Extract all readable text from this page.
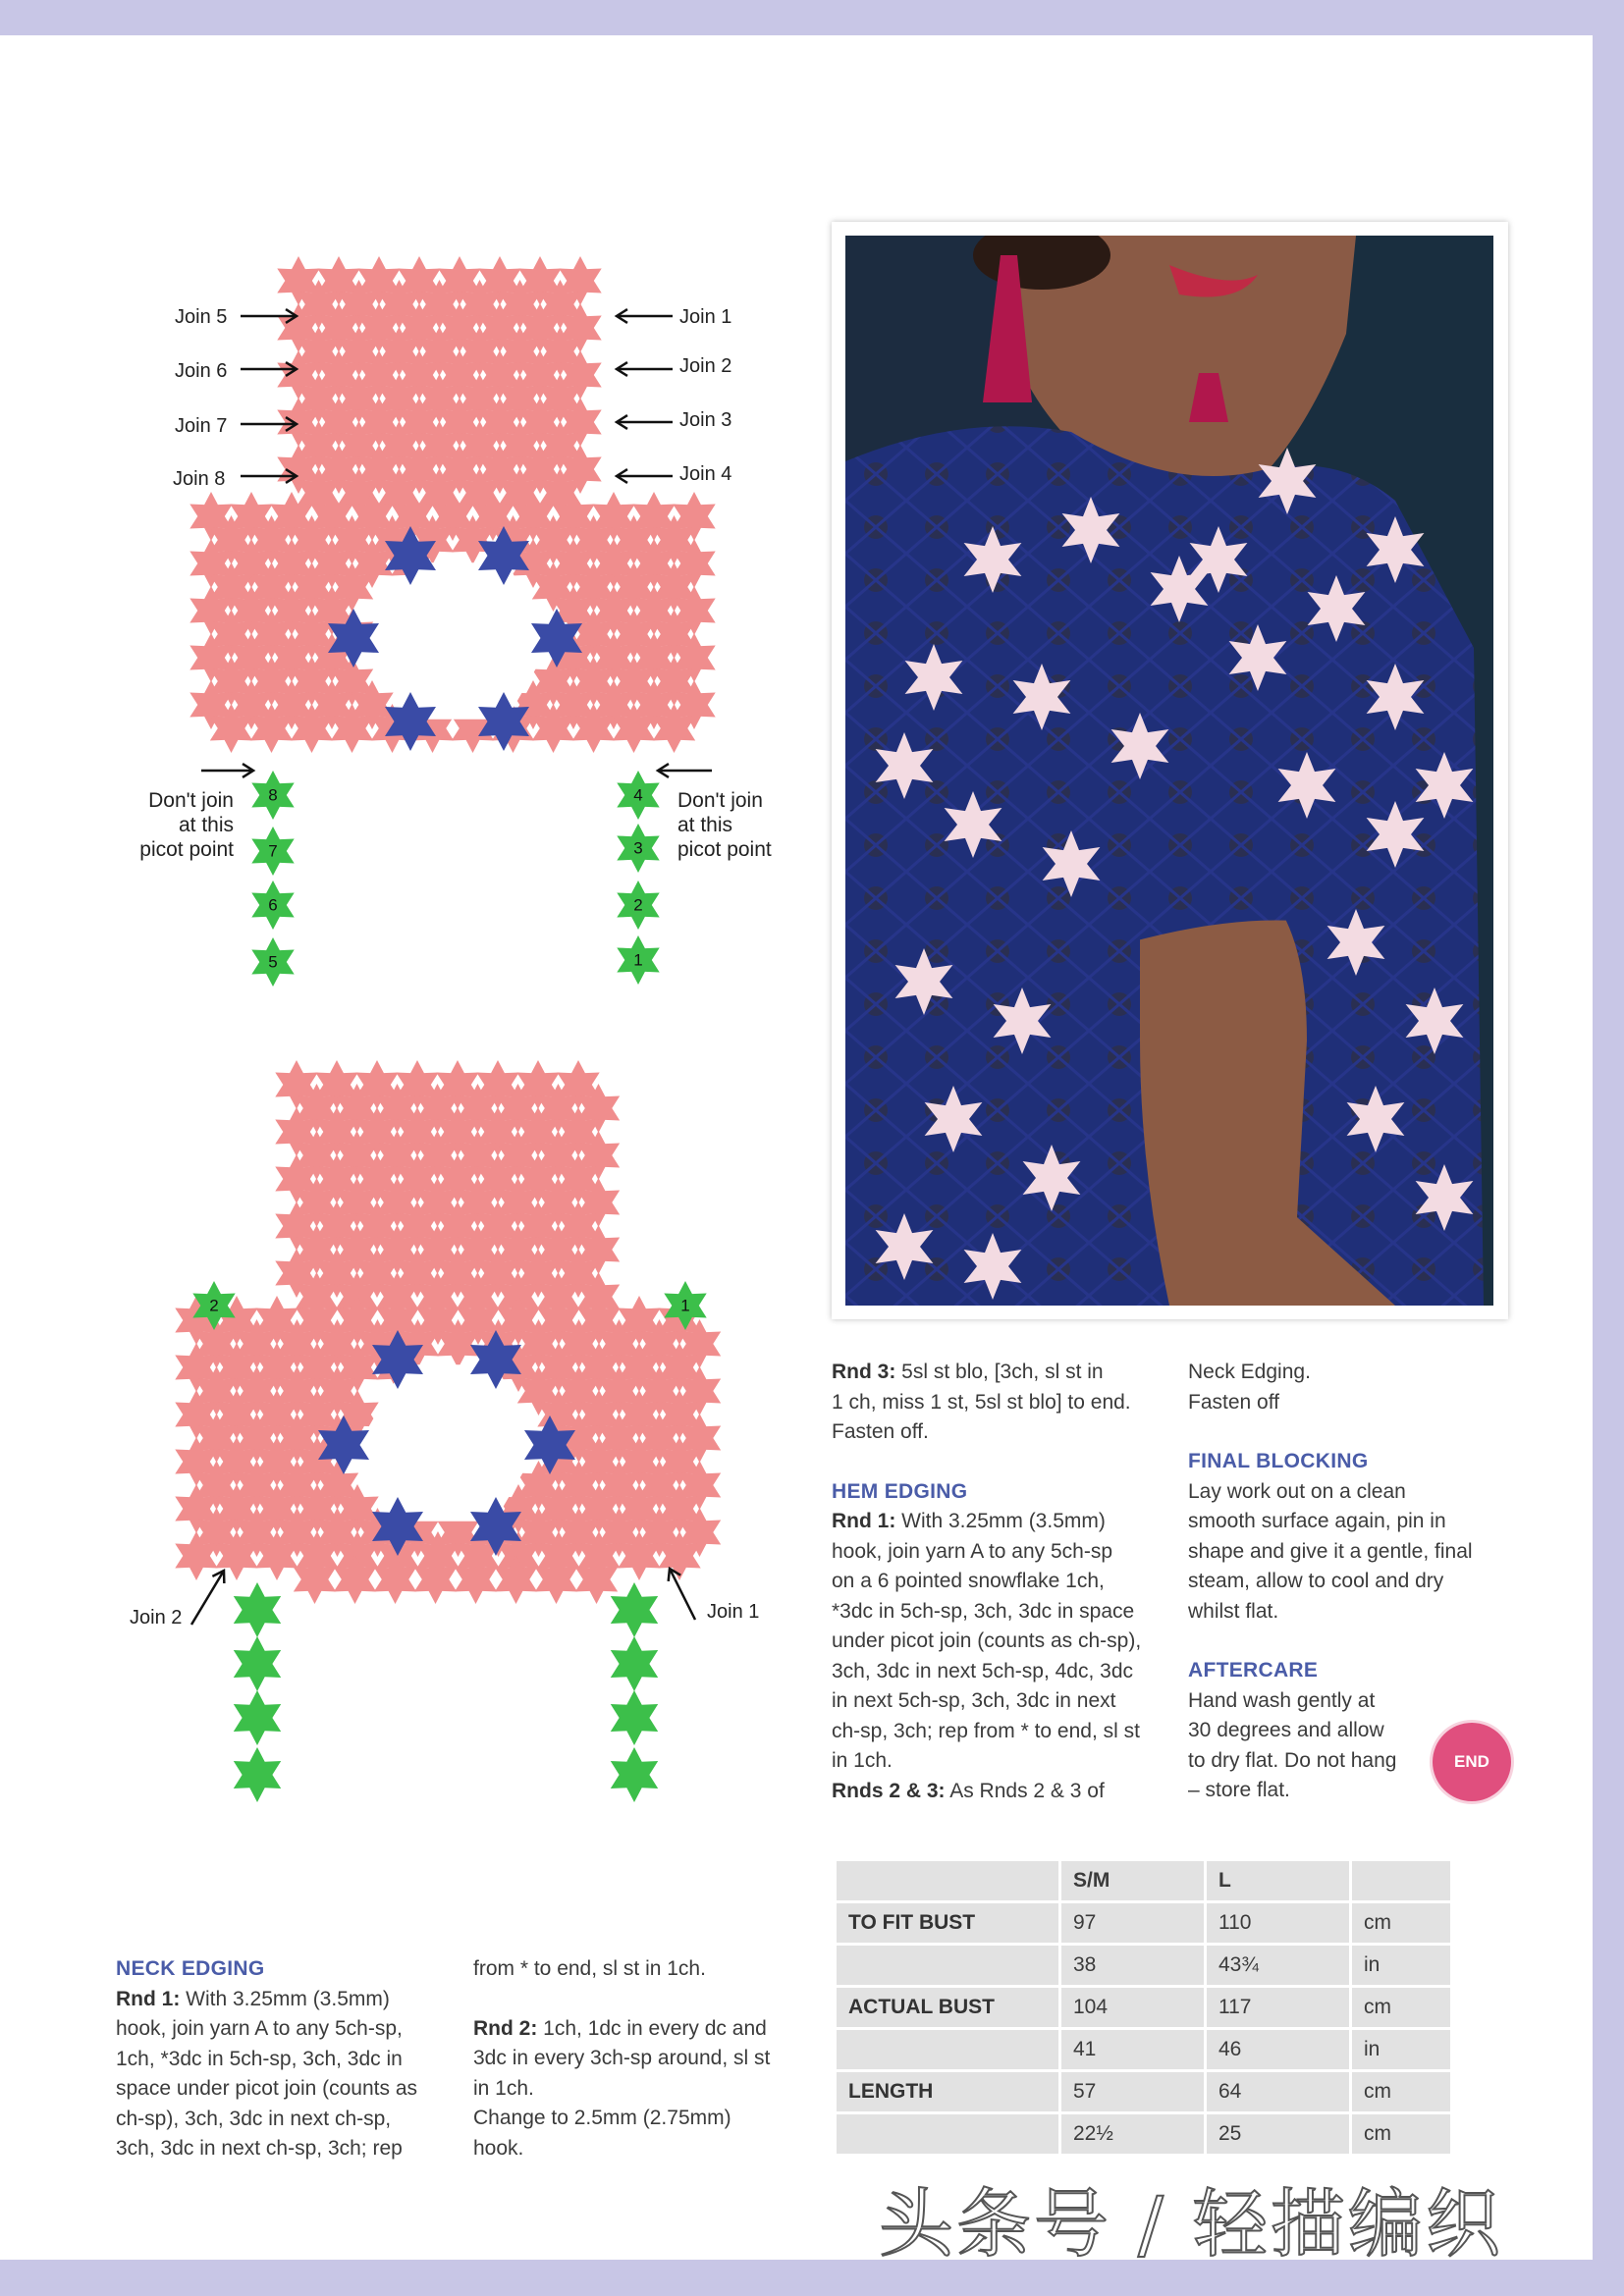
8
7
6
5
4
3
2
1
Join 5
Join 6
Join 7
Join 8
Join 1
Join 2
Join 3
Join 4
Don't join
at this
picot point
Don't join
at this
picot point
2	1
Join 2	Join 1

Rnd 3: 5sl st blo, [3ch, sl st in

1 ch, miss 1 st, 5sl st blo] to end.

Fasten off.

HEM EDGING

Rnd 1: With 3.25mm (3.5mm)

hook, join yarn A to any 5ch-sp

on a 6 pointed snowflake 1ch,

*3dc in 5ch-sp, 3ch, 3dc in space

under picot join (counts as ch-sp),

3ch, 3dc in next 5ch-sp, 4dc, 3dc

in next 5ch-sp, 3ch, 3dc in next

ch-sp, 3ch; rep from * to end, sl st

in 1ch.

Rnds 2 & 3: As Rnds 2 & 3 of

Neck Edging.

Fasten off

FINAL BLOCKING

Lay work out on a clean

smooth surface again, pin in

shape and give it a gentle, final

steam, allow to cool and dry

whilst flat.

AFTERCARE

Hand wash gently at

30 degrees and allow

to dry flat. Do not hang

– store flat.

END

NECK EDGING

Rnd 1: With 3.25mm (3.5mm)

hook, join yarn A to any 5ch-sp,

1ch, *3dc in 5ch-sp, 3ch, 3dc in

space under picot join (counts as

ch-sp), 3ch, 3dc in next ch-sp,

3ch, 3dc in next ch-sp, 3ch; rep

from * to end, sl st in 1ch.

Rnd 2: 1ch, 1dc in every dc and

3dc in every 3ch-sp around, sl st

in 1ch.

Change to 2.5mm (2.75mm)

hook.

	S/M	L	
TO FIT BUST	97	110	cm
	38	43¾	in
ACTUAL BUST	104	117	cm
	41	46	in
LENGTH	57	64	cm
	22½	25	cm
头条号 / 轻描编织
